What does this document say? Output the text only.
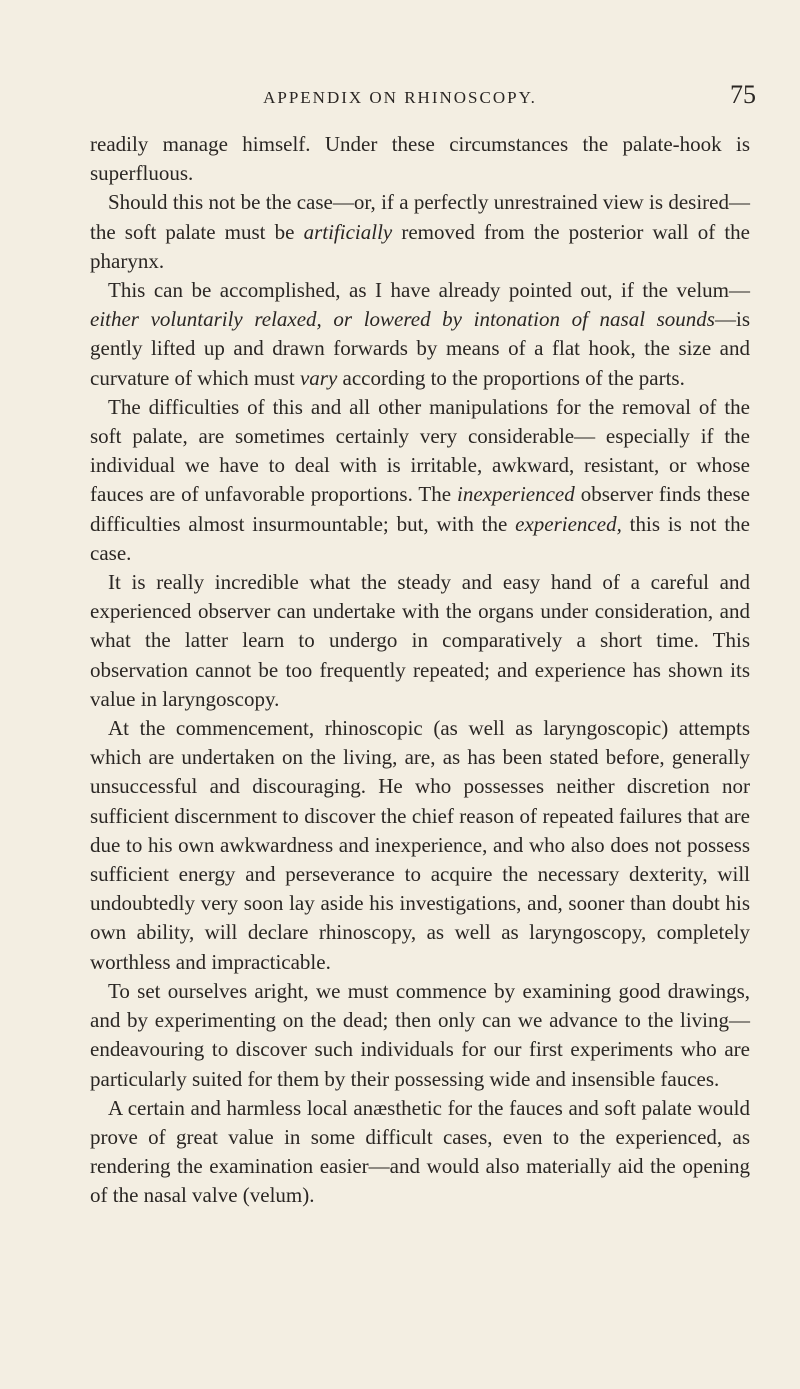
APPENDIX ON RHINOSCOPY.	75

readily manage himself. Under these circumstances the palate-hook is superfluous.

Should this not be the case—or, if a perfectly unrestrained view is desired—the soft palate must be artificially removed from the posterior wall of the pharynx.

This can be accomplished, as I have already pointed out, if the velum—either voluntarily relaxed, or lowered by intonation of nasal sounds—is gently lifted up and drawn forwards by means of a flat hook, the size and curvature of which must vary according to the proportions of the parts.

The difficulties of this and all other manipulations for the removal of the soft palate, are sometimes certainly very considerable— especially if the individual we have to deal with is irritable, awkward, resistant, or whose fauces are of unfavorable proportions. The inexperienced observer finds these difficulties almost insurmountable; but, with the experienced, this is not the case.

It is really incredible what the steady and easy hand of a careful and experienced observer can undertake with the organs under consideration, and what the latter learn to undergo in comparatively a short time. This observation cannot be too frequently repeated; and experience has shown its value in laryngoscopy.

At the commencement, rhinoscopic (as well as laryngoscopic) attempts which are undertaken on the living, are, as has been stated before, generally unsuccessful and discouraging. He who possesses neither discretion nor sufficient discernment to discover the chief reason of repeated failures that are due to his own awkwardness and inexperience, and who also does not possess sufficient energy and perseverance to acquire the necessary dexterity, will undoubtedly very soon lay aside his investigations, and, sooner than doubt his own ability, will declare rhinoscopy, as well as laryngoscopy, completely worthless and impracticable.

To set ourselves aright, we must commence by examining good drawings, and by experimenting on the dead; then only can we advance to the living—endeavouring to discover such individuals for our first experiments who are particularly suited for them by their possessing wide and insensible fauces.

A certain and harmless local anæsthetic for the fauces and soft palate would prove of great value in some difficult cases, even to the experienced, as rendering the examination easier—and would also materially aid the opening of the nasal valve (velum).
